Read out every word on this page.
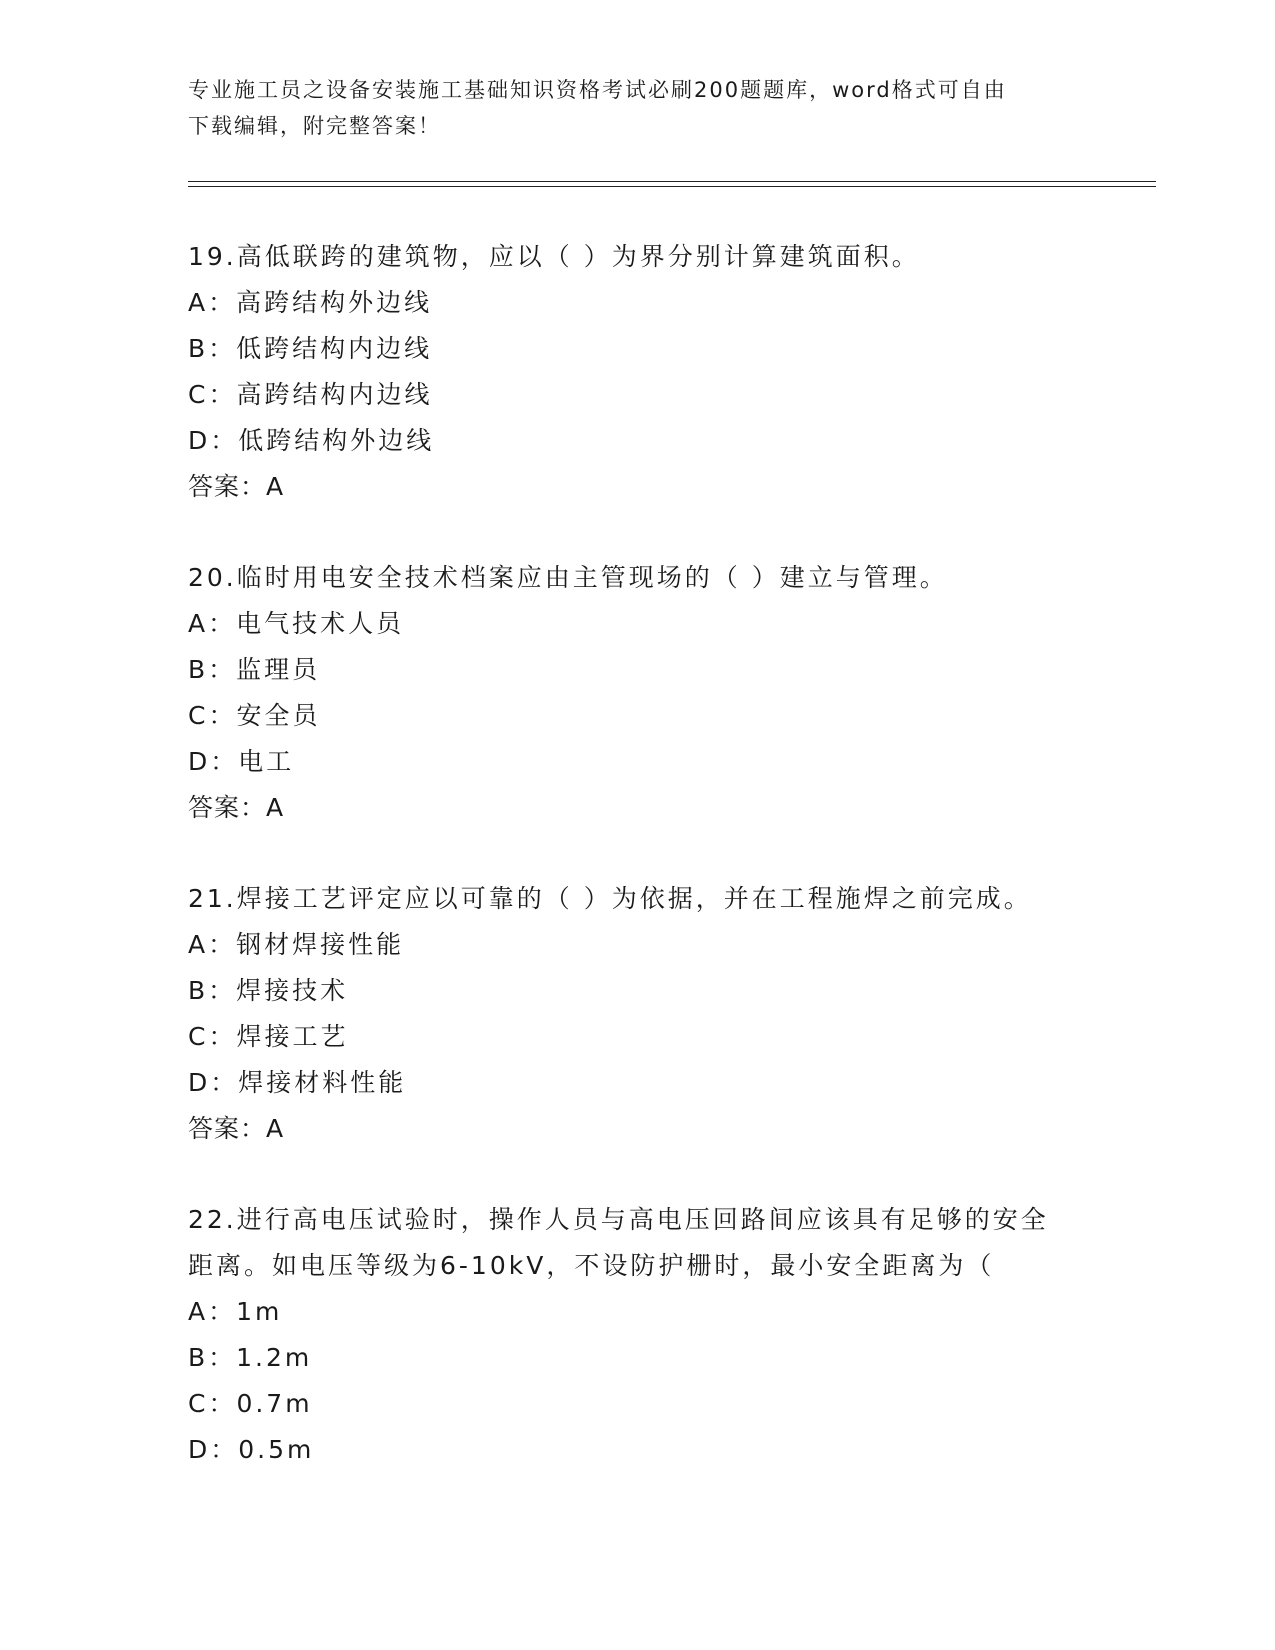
专业施工员之设备安装施工基础知识资格考试必刷200题题库，word格式可自由
下载编辑，附完整答案！

19.高低联跨的建筑物，应以（ ）为界分别计算建筑面积。

A：高跨结构外边线

B：低跨结构内边线

C：高跨结构内边线

D：低跨结构外边线

答案：A

20.临时用电安全技术档案应由主管现场的（ ）建立与管理。

A：电气技术人员

B：监理员

C：安全员

D：电工

答案：A

21.焊接工艺评定应以可靠的（ ）为依据，并在工程施焊之前完成。

A：钢材焊接性能

B：焊接技术

C：焊接工艺

D：焊接材料性能

答案：A

22.进行高电压试验时，操作人员与高电压回路间应该具有足够的安全

距离。如电压等级为6-10kV，不设防护栅时，最小安全距离为（

A：1m

B：1.2m

C：0.7m

D：0.5m
